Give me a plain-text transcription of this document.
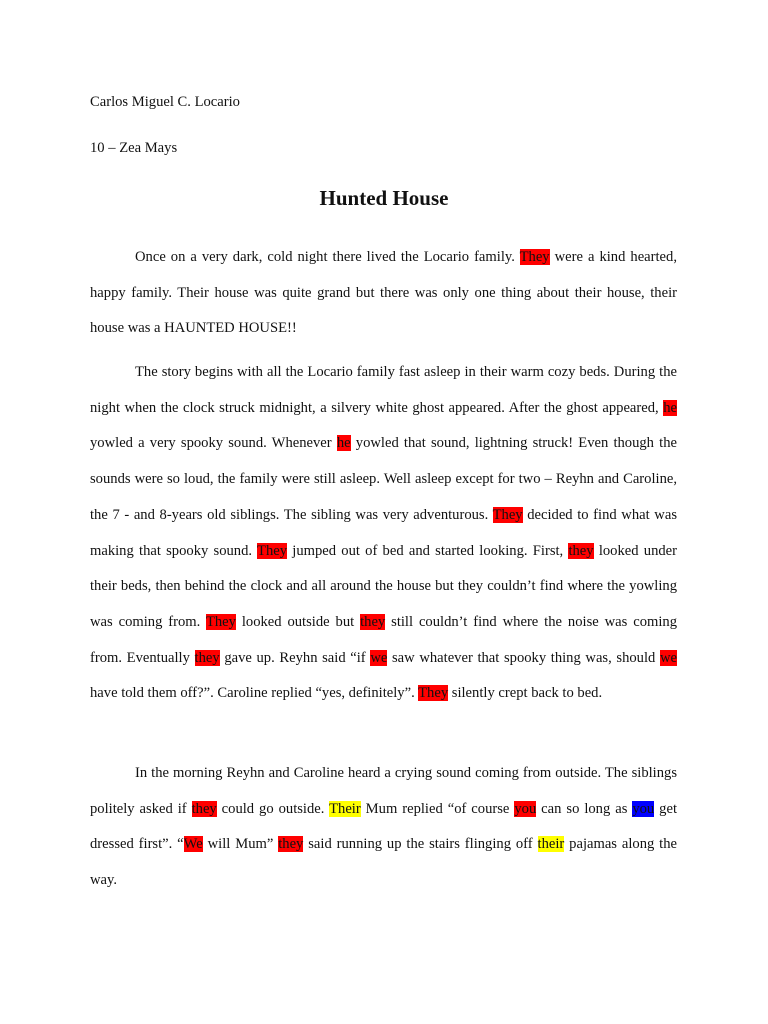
Carlos Miguel C. Locario
10 – Zea Mays
Hunted House

Once on a very dark, cold night there lived the Locario family. They were a kind hearted, happy family. Their house was quite grand but there was only one thing about their house, their house was a HAUNTED HOUSE!!

The story begins with all the Locario family fast asleep in their warm cozy beds. During the night when the clock struck midnight, a silvery white ghost appeared. After the ghost appeared, he yowled a very spooky sound. Whenever he yowled that sound, lightning struck! Even though the sounds were so loud, the family were still asleep. Well asleep except for two – Reyhn and Caroline, the 7 - and 8-years old siblings. The sibling was very adventurous. They decided to find what was making that spooky sound. They jumped out of bed and started looking. First, they looked under their beds, then behind the clock and all around the house but they couldn’t find where the yowling was coming from. They looked outside but they still couldn’t find where the noise was coming from. Eventually they gave up. Reyhn said “if we saw whatever that spooky thing was, should we have told them off?”. Caroline replied “yes, definitely”. They silently crept back to bed.

In the morning Reyhn and Caroline heard a crying sound coming from outside. The siblings politely asked if they could go outside. Their Mum replied “of course you can so long as you get dressed first”. “We will Mum” they said running up the stairs flinging off their pajamas along the way.
